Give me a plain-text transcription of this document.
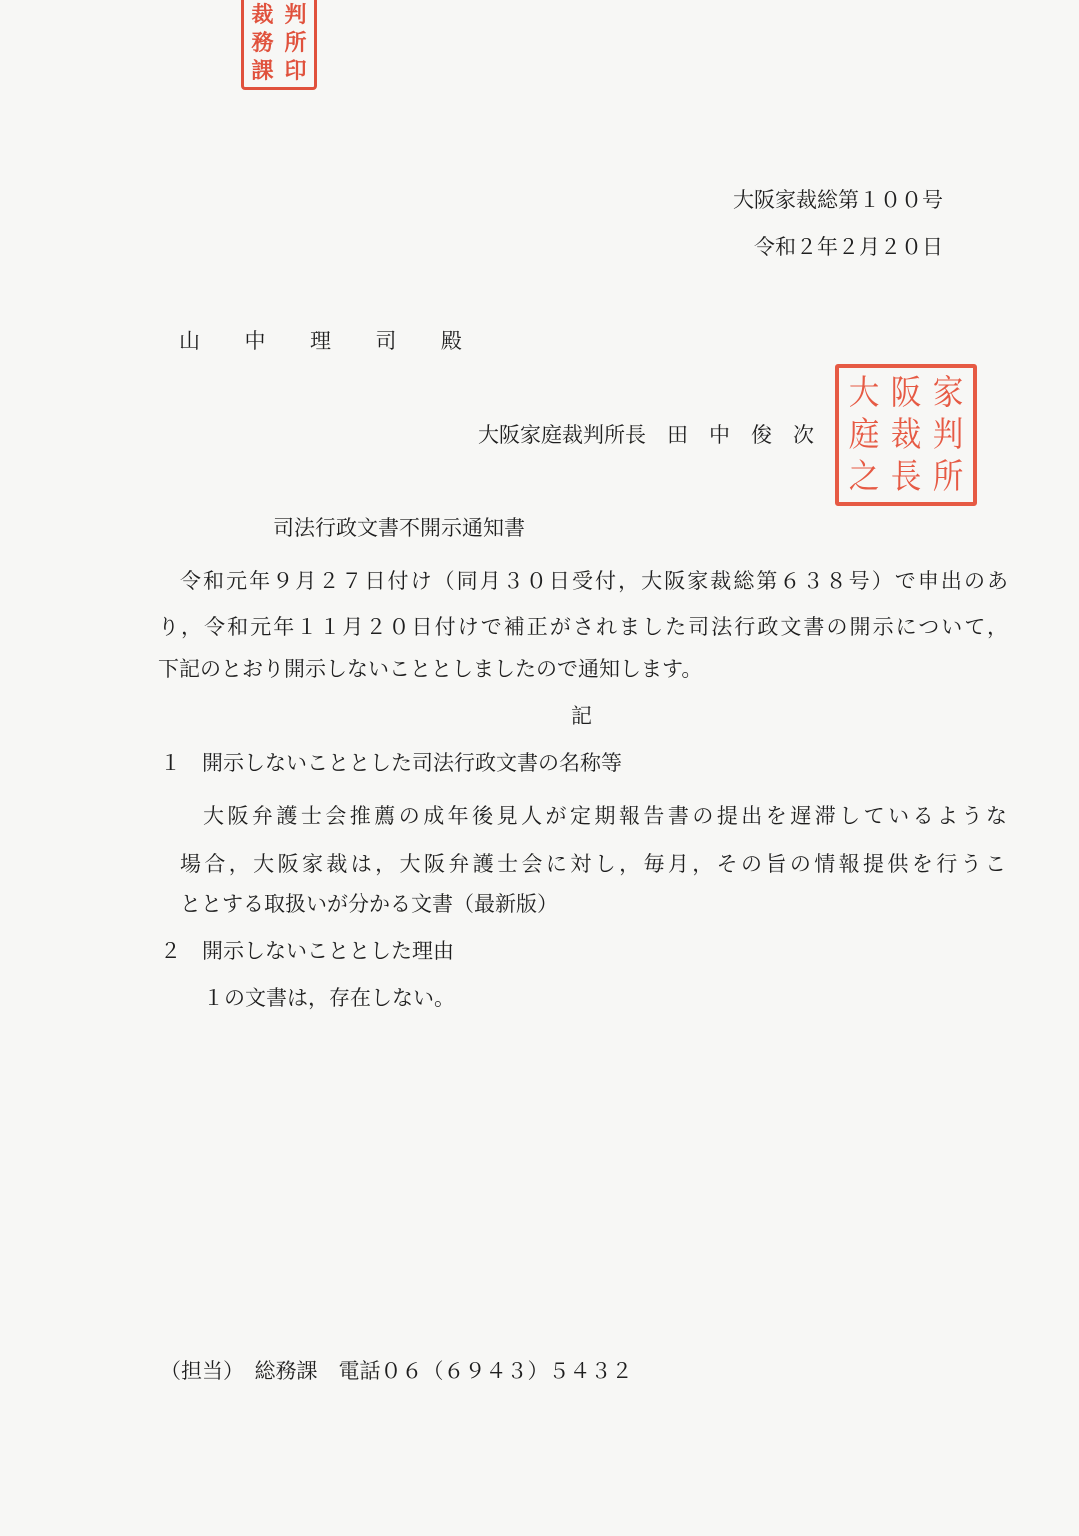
裁 判
務 所
課 印
大阪家裁総第１００号
令和２年２月２０日
山 中 理 司 殿
大阪家庭裁判所長　田　中　俊　次
大 阪 家
庭 裁 判
之 長 所
司法行政文書不開示通知書
令和元年９月２７日付け（同月３０日受付，大阪家裁総第６３８号）で申出のあ
り，令和元年１１月２０日付けで補正がされました司法行政文書の開示について，
下記のとおり開示しないこととしましたので通知します。
記
１　開示しないこととした司法行政文書の名称等
大阪弁護士会推薦の成年後見人が定期報告書の提出を遅滞しているような
場合，大阪家裁は，大阪弁護士会に対し，毎月，その旨の情報提供を行うこ
ととする取扱いが分かる文書（最新版）
２　開示しないこととした理由
１の文書は，存在しない。
（担当）　総務課　電話０６（６９４３）５４３２
